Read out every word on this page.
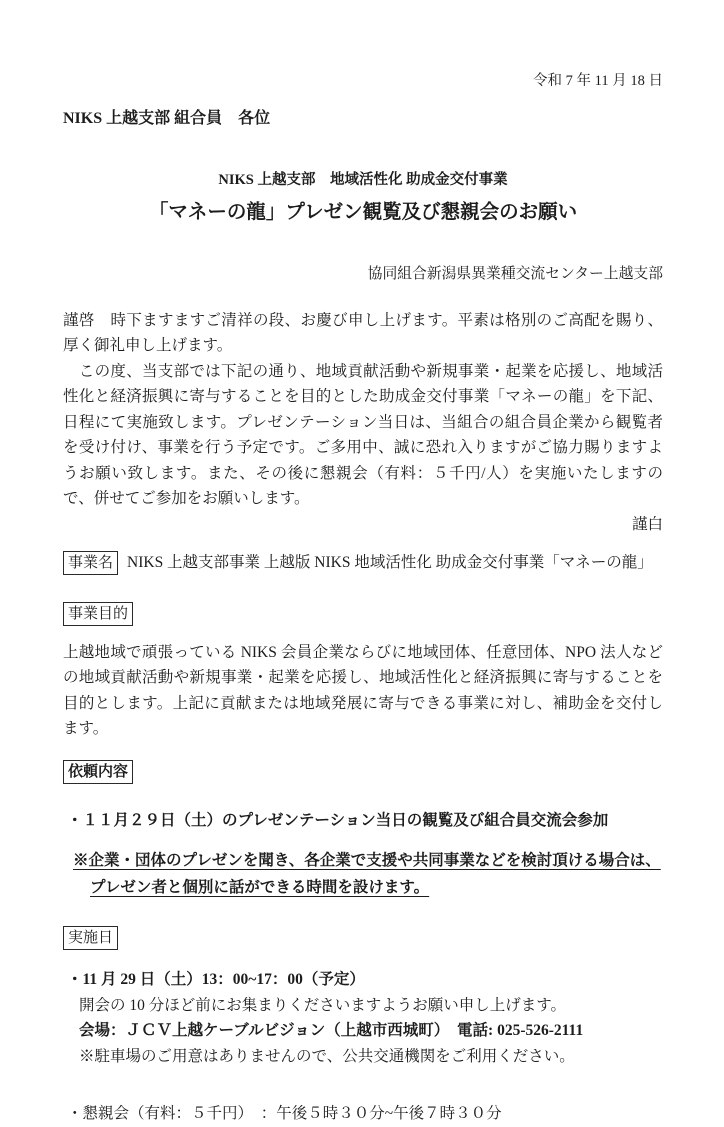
令和 7 年 11 月 18 日
NIKS 上越支部 組合員　各位
NIKS 上越支部　地域活性化 助成金交付事業
「マネーの龍」プレゼン観覧及び懇親会のお願い
協同組合新潟県異業種交流センター上越支部

謹啓　時下ますますご清祥の段、お慶び申し上げます。平素は格別のご高配を賜り、厚く御礼申し上げます。

　この度、当支部では下記の通り、地域貢献活動や新規事業・起業を応援し、地域活性化と経済振興に寄与することを目的とした助成金交付事業「マネーの龍」を下記、日程にて実施致します。プレゼンテーション当日は、当組合の組合員企業から観覧者を受け付け、事業を行う予定です。ご多用中、誠に恐れ入りますがご協力賜りますようお願い致します。また、その後に懇親会（有料：５千円/人）を実施いたしますので、併せてご参加をお願いします。

謹白
事業名 NIKS 上越支部事業 上越版 NIKS 地域活性化 助成金交付事業「マネーの龍」
事業目的

上越地域で頑張っている NIKS 会員企業ならびに地域団体、任意団体、NPO 法人などの地域貢献活動や新規事業・起業を応援し、地域活性化と経済振興に寄与することを目的とします。上記に貢献または地域発展に寄与できる事業に対し、補助金を交付します。

依頼内容
・１１月２９日（土）のプレゼンテーション当日の観覧及び組合員交流会参加
※企業・団体のプレゼンを聞き、各企業で支援や共同事業などを検討頂ける場合は、プレゼン者と個別に話ができる時間を設けます。
実施日
・11 月 29 日（土）13：00~17：00（予定）
開会の 10 分ほど前にお集まりくださいますようお願い申し上げます。
会場：ＪＣＶ上越ケーブルビジョン（上越市西城町）　電話: 025-526-2111
※駐車場のご用意はありませんので、公共交通機関をご利用ください。
・懇親会（有料：５千円）　：午後５時３０分~午後７時３０分
